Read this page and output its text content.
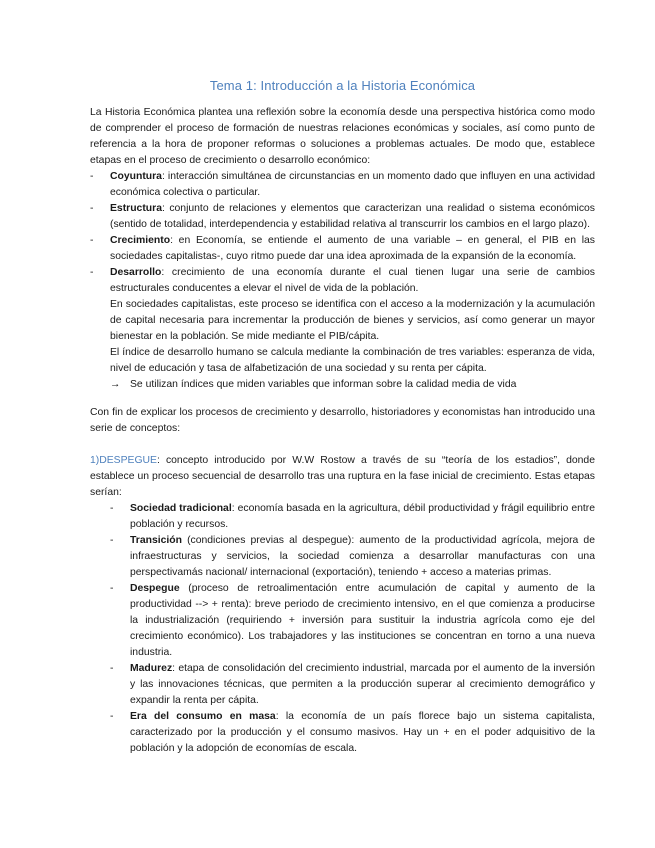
Tema 1: Introducción a la Historia Económica

La Historia Económica plantea una reflexión sobre la economía desde una perspectiva histórica como modo de comprender el proceso de formación de nuestras relaciones económicas y sociales, así como punto de referencia a la hora de proponer reformas o soluciones a problemas actuales. De modo que, establece etapas en el proceso de crecimiento o desarrollo económico:

- Coyuntura: interacción simultánea de circunstancias en un momento dado que influyen en una actividad económica colectiva o particular.
- Estructura: conjunto de relaciones y elementos que caracterizan una realidad o sistema económicos (sentido de totalidad, interdependencia y estabilidad relativa al transcurrir los cambios en el largo plazo).
- Crecimiento: en Economía, se entiende el aumento de una variable – en general, el PIB en las sociedades capitalistas-, cuyo ritmo puede dar una idea aproximada de la expansión de la economía.
- Desarrollo: crecimiento de una economía durante el cual tienen lugar una serie de cambios estructurales conducentes a elevar el nivel de vida de la población.
En sociedades capitalistas, este proceso se identifica con el acceso a la modernización y la acumulación de capital necesaria para incrementar la producción de bienes y servicios, así como generar un mayor bienestar en la población. Se mide mediante el PIB/cápita.
El índice de desarrollo humano se calcula mediante la combinación de tres variables: esperanza de vida, nivel de educación y tasa de alfabetización de una sociedad y su renta per cápita.
→ Se utilizan índices que miden variables que informan sobre la calidad media de vida

Con fin de explicar los procesos de crecimiento y desarrollo, historiadores y economistas han introducido una serie de conceptos:

1)DESPEGUE: concepto introducido por W.W Rostow a través de su “teoría de los estadios”, donde establece un proceso secuencial de desarrollo tras una ruptura en la fase inicial de crecimiento. Estas etapas serían:

- Sociedad tradicional: economía basada en la agricultura, débil productividad y frágil equilibrio entre población y recursos.
- Transición (condiciones previas al despegue): aumento de la productividad agrícola, mejora de infraestructuras y servicios, la sociedad comienza a desarrollar manufacturas con una perspectivamás nacional/ internacional (exportación), teniendo + acceso a materias primas.
- Despegue (proceso de retroalimentación entre acumulación de capital y aumento de la productividad --> + renta): breve periodo de crecimiento intensivo, en el que comienza a producirse la industrialización (requiriendo + inversión para sustituir la industria agrícola como eje del crecimiento económico). Los trabajadores y las instituciones se concentran en torno a una nueva industria.
- Madurez: etapa de consolidación del crecimiento industrial, marcada por el aumento de la inversión y las innovaciones técnicas, que permiten a la producción superar al crecimiento demográfico y expandir la renta per cápita.
- Era del consumo en masa: la economía de un país florece bajo un sistema capitalista, caracterizado por la producción y el consumo masivos. Hay un + en el poder adquisitivo de la población y la adopción de economías de escala.
